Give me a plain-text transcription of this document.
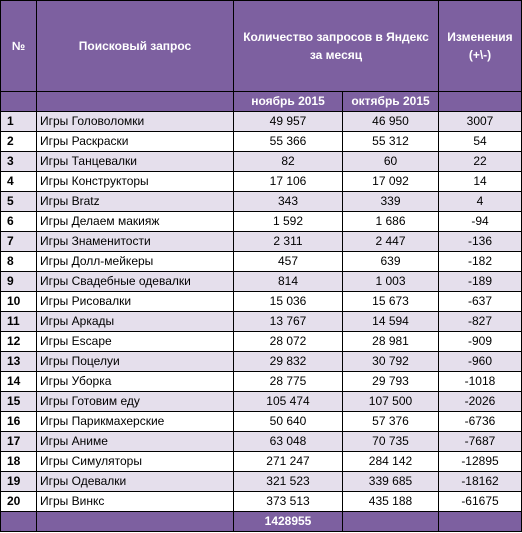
№	Поисковый запрос	Количество запросов в Яндекс за месяц		Изменения (+\-)
		ноябрь 2015	октябрь 2015	
1	Игры Головоломки	49 957	46 950	3007
2	Игры Раскраски	55 366	55 312	54
3	Игры Танцевалки	82	60	22
4	Игры Конструкторы	17 106	17 092	14
5	Игры Bratz	343	339	4
6	Игры Делаем макияж	1 592	1 686	-94
7	Игры Знаменитости	2 311	2 447	-136
8	Игры Долл-мейкеры	457	639	-182
9	Игры Свадебные одевалки	814	1 003	-189
10	Игры Рисовалки	15 036	15 673	-637
11	Игры Аркады	13 767	14 594	-827
12	Игры Escape	28 072	28 981	-909
13	Игры Поцелуи	29 832	30 792	-960
14	Игры Уборка	28 775	29 793	-1018
15	Игры Готовим еду	105 474	107 500	-2026
16	Игры Парикмахерские	50 640	57 376	-6736
17	Игры Аниме	63 048	70 735	-7687
18	Игры Симуляторы	271 247	284 142	-12895
19	Игры Одевалки	321 523	339 685	-18162
20	Игры Винкс	373 513	435 188	-61675
		1428955		
